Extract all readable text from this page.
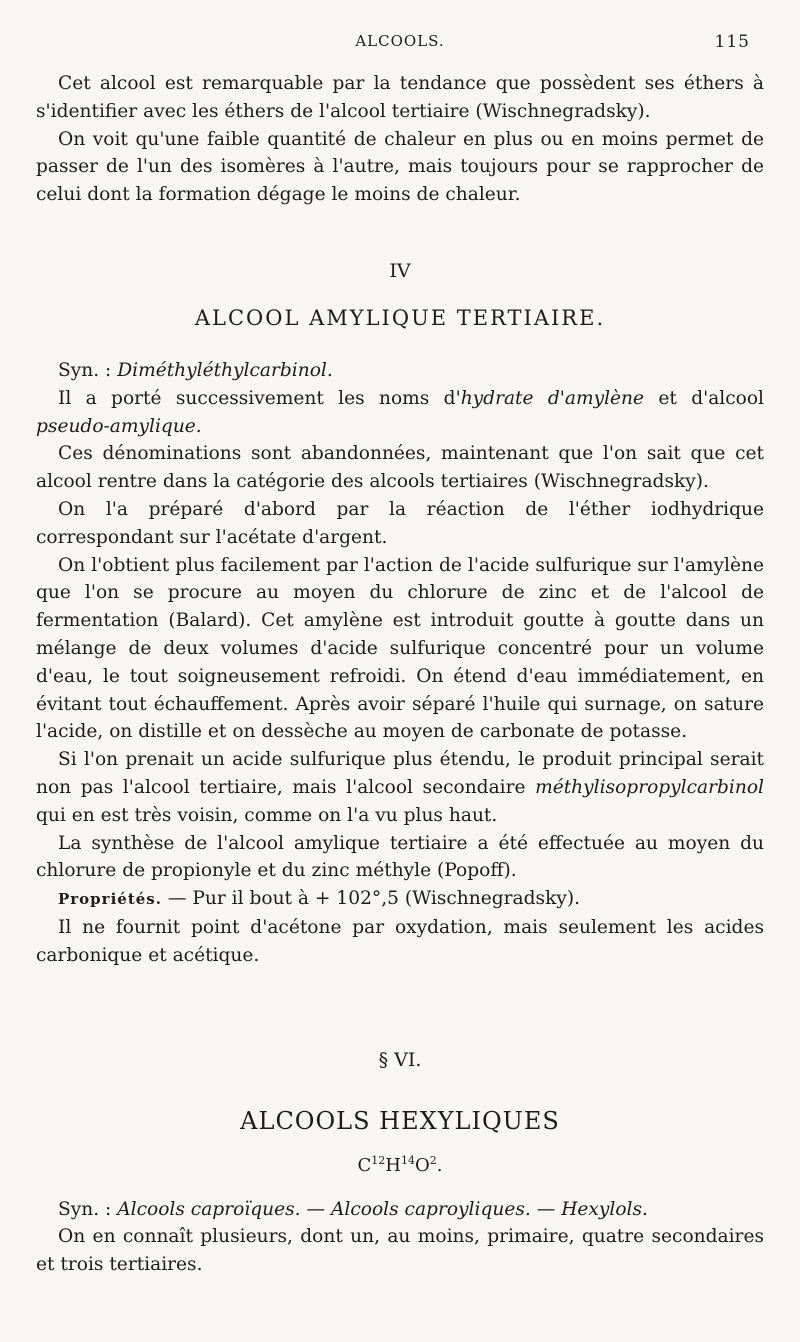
ALCOOLS.	115

Cet alcool est remarquable par la tendance que possèdent ses éthers à s'identifier avec les éthers de l'alcool tertiaire (Wischnegradsky).

On voit qu'une faible quantité de chaleur en plus ou en moins permet de passer de l'un des isomères à l'autre, mais toujours pour se rapprocher de celui dont la formation dégage le moins de chaleur.

IV
ALCOOL AMYLIQUE TERTIAIRE.

Syn. : Diméthyléthylcarbinol.

Il a porté successivement les noms d'hydrate d'amylène et d'alcool pseudo-amylique.

Ces dénominations sont abandonnées, maintenant que l'on sait que cet alcool rentre dans la catégorie des alcools tertiaires (Wischnegradsky).

On l'a préparé d'abord par la réaction de l'éther iodhydrique correspondant sur l'acétate d'argent.

On l'obtient plus facilement par l'action de l'acide sulfurique sur l'amylène que l'on se procure au moyen du chlorure de zinc et de l'alcool de fermentation (Balard). Cet amylène est introduit goutte à goutte dans un mélange de deux volumes d'acide sulfurique concentré pour un volume d'eau, le tout soigneusement refroidi. On étend d'eau immédiatement, en évitant tout échauffement. Après avoir séparé l'huile qui surnage, on sature l'acide, on distille et on dessèche au moyen de carbonate de potasse.

Si l'on prenait un acide sulfurique plus étendu, le produit principal serait non pas l'alcool tertiaire, mais l'alcool secondaire méthylisopropylcarbinol qui en est très voisin, comme on l'a vu plus haut.

La synthèse de l'alcool amylique tertiaire a été effectuée au moyen du chlorure de propionyle et du zinc méthyle (Popoff).

Propriétés. — Pur il bout à + 102°,5 (Wischnegradsky).

Il ne fournit point d'acétone par oxydation, mais seulement les acides carbonique et acétique.

§ VI.
ALCOOLS HEXYLIQUES
$C^{12}H^{14}O^2$.

Syn. : Alcools caproïques. — Alcools caproyliques. — Hexylols.

On en connaît plusieurs, dont un, au moins, primaire, quatre secondaires et trois tertiaires.
